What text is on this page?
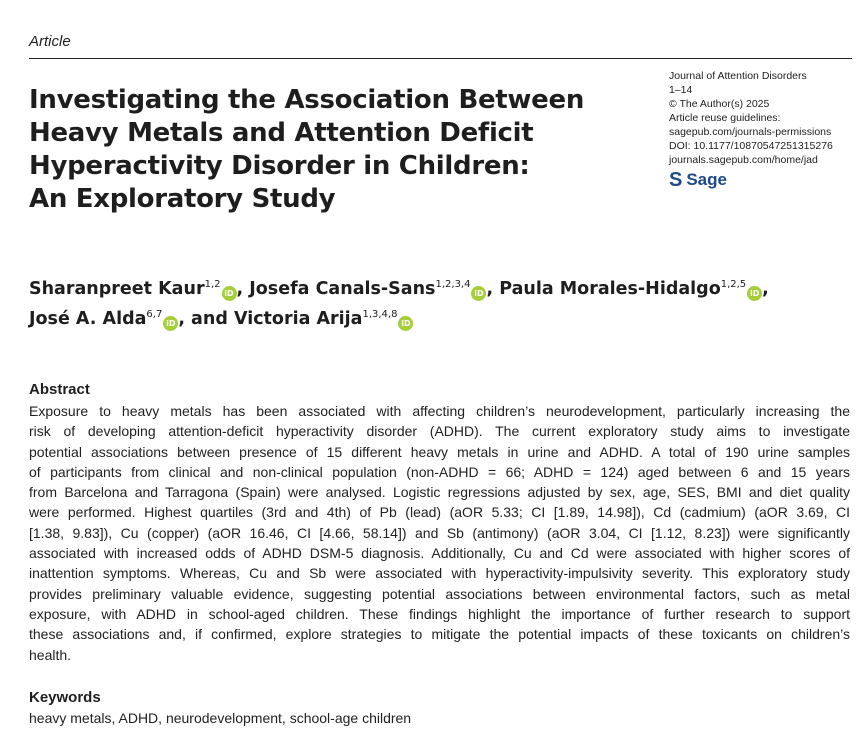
Article
Investigating the Association Between
Heavy Metals and Attention Deficit
Hyperactivity Disorder in Children:
An Exploratory Study
Journal of Attention Disorders
1–14
© The Author(s) 2025
Article reuse guidelines:
sagepub.com/journals-permissions
DOI: 10.1177/10870547251315276
journals.sagepub.com/home/jad
S Sage
Sharanpreet Kaur$^{1,2}$iD , Josefa Canals-Sans$^{1,2,3,4}$iD , Paula Morales-Hidalgo$^{1,2,5}$iD ,
José A. Alda$^{6,7}$iD , and Victoria Arija$^{1,3,4,8}$iD
Abstract
Exposure to heavy metals has been associated with affecting children’s neurodevelopment, particularly increasing the
risk of developing attention-deficit hyperactivity disorder (ADHD). The current exploratory study aims to investigate
potential associations between presence of 15 different heavy metals in urine and ADHD. A total of 190 urine samples
of participants from clinical and non-clinical population (non-ADHD = 66; ADHD = 124) aged between 6 and 15 years
from Barcelona and Tarragona (Spain) were analysed. Logistic regressions adjusted by sex, age, SES, BMI and diet quality
were performed. Highest quartiles (3rd and 4th) of Pb (lead) (aOR 5.33; CI [1.89, 14.98]), Cd (cadmium) (aOR 3.69, CI
[1.38, 9.83]), Cu (copper) (aOR 16.46, CI [4.66, 58.14]) and Sb (antimony) (aOR 3.04, CI [1.12, 8.23]) were significantly
associated with increased odds of ADHD DSM-5 diagnosis. Additionally, Cu and Cd were associated with higher scores of
inattention symptoms. Whereas, Cu and Sb were associated with hyperactivity-impulsivity severity. This exploratory study
provides preliminary valuable evidence, suggesting potential associations between environmental factors, such as metal
exposure, with ADHD in school-aged children. These findings highlight the importance of further research to support
these associations and, if confirmed, explore strategies to mitigate the potential impacts of these toxicants on children’s
health.
Keywords
heavy metals, ADHD, neurodevelopment, school-age children
